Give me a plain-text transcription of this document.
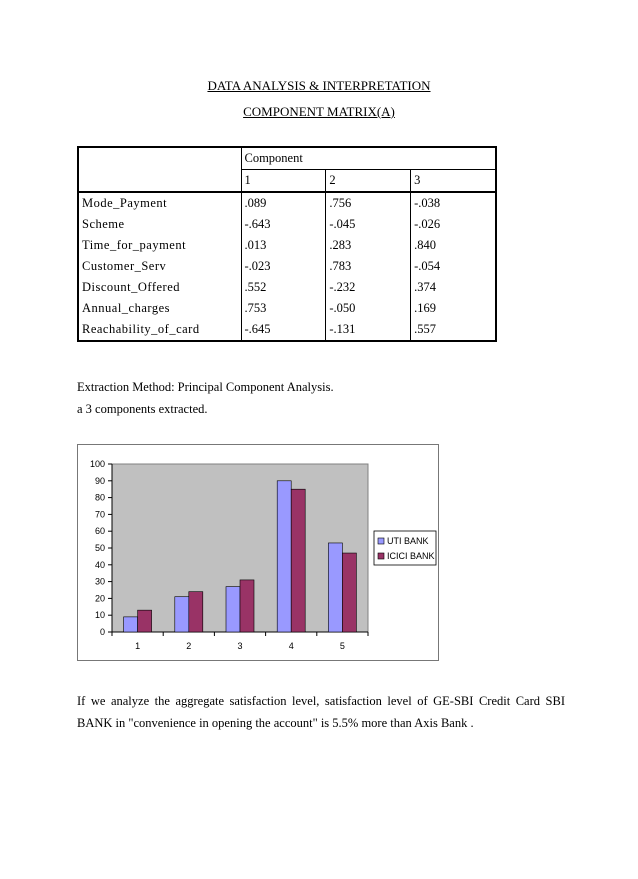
DATA ANALYSIS & INTERPRETATION
COMPONENT MATRIX(A)
	Component		
	1	2	3
Mode_Payment	.089	.756	-.038
Scheme	-.643	-.045	-.026
Time_for_payment	.013	.283	.840
Customer_Serv	-.023	.783	-.054
Discount_Offered	.552	-.232	.374
Annual_charges	.753	-.050	.169
Reachability_of_card	-.645	-.131	.557
Extraction Method: Principal Component Analysis.
a 3 components extracted.
0
10
20
30
40
50
60
70
80
90
100
1	2	3	4	5
UTI BANK
ICICI BANK
If we analyze the aggregate satisfaction level, satisfaction level of GE-SBI Credit Card SBI BANK in "convenience in opening the account" is 5.5% more than Axis Bank .
